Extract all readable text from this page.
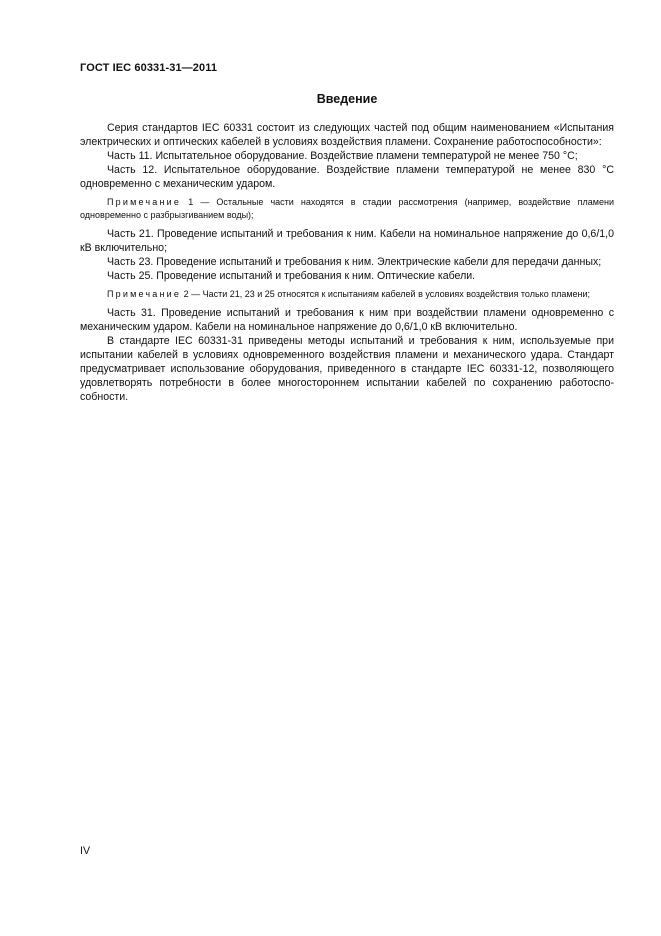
ГОСТ IEC 60331-31—2011
Введение

Серия стандартов IEC 60331 состоит из следующих частей под общим наименованием «Испытания электрических и оптических кабелей в условиях воздействия пламени. Сохранение работоспособности»:

Часть 11. Испытательное оборудование. Воздействие пламени температурой не менее 750 °С;

Часть 12. Испытательное оборудование. Воздействие пламени температурой не менее 830 °С одновременно с механическим ударом.

Примечание 1 — Остальные части находятся в стадии рассмотрения (например, воздействие пламени одновременно с разбрызгиванием воды);

Часть 21. Проведение испытаний и требования к ним. Кабели на номинальное напряжение до 0,6/1,0 кВ включительно;

Часть 23. Проведение испытаний и требования к ним. Электрические кабели для передачи данных;

Часть 25. Проведение испытаний и требования к ним. Оптические кабели.

Примечание 2 — Части 21, 23 и 25 относятся к испытаниям кабелей в условиях воздействия только пламени;

Часть 31. Проведение испытаний и требования к ним при воздействии пламени одновременно с механическим ударом. Кабели на номинальное напряжение до 0,6/1,0 кВ включительно.

В стандарте IEC 60331-31 приведены методы испытаний и требования к ним, используемые при испытании кабелей в условиях одновременного воздействия пламени и механического удара. Стандарт предусматривает использование оборудования, приведенного в стандарте IEC 60331-12, позволяющего удовлетворять потребности в более многостороннем испытании кабелей по сохранению работоспособности.

IV
